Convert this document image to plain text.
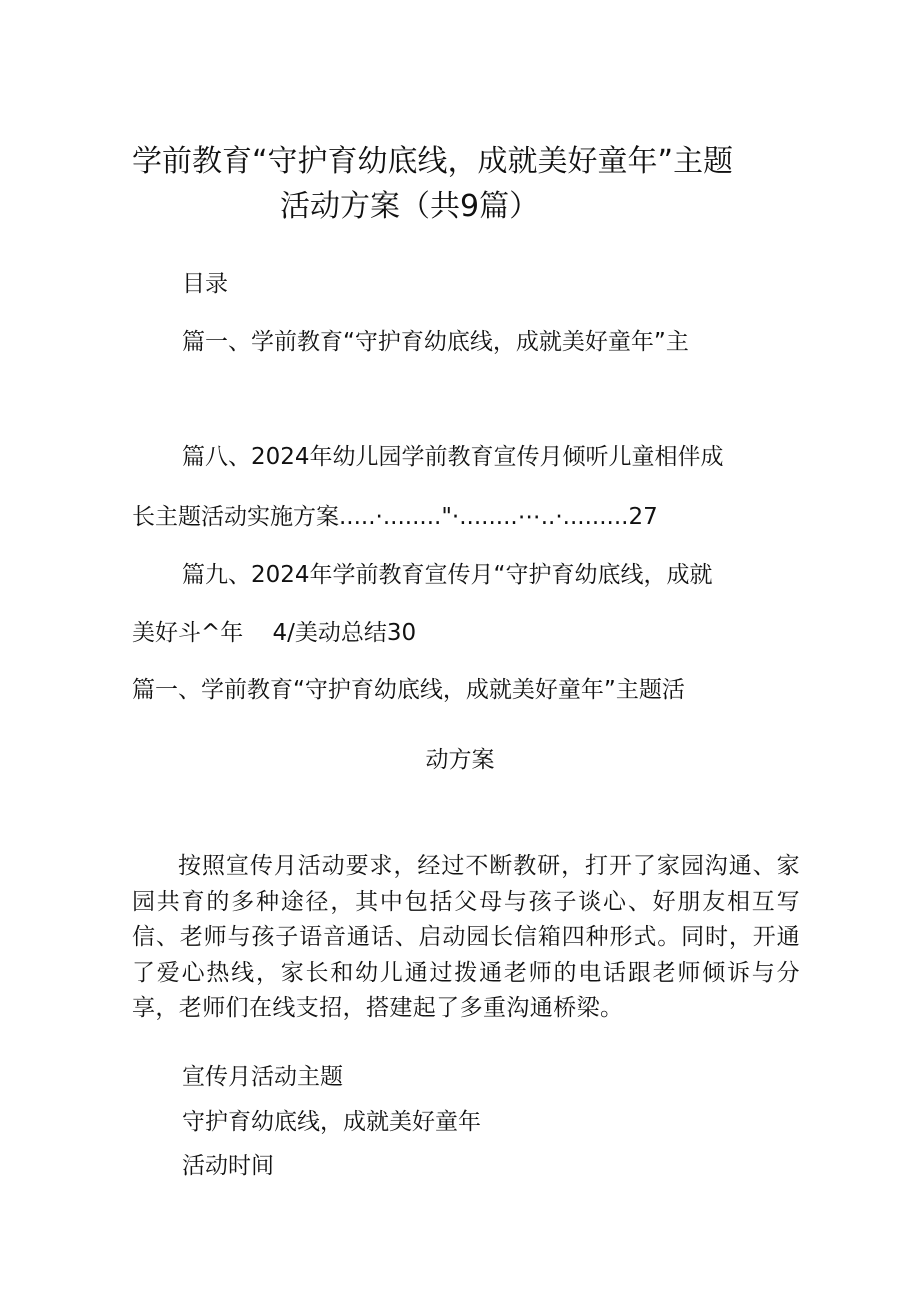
学前教育“守护育幼底线，成就美好童年”主题
活动方案（共9篇）
目录
篇一、学前教育“守护育幼底线，成就美好童年”主
篇八、2024年幼儿园学前教育宣传月倾听儿童相伴成
长主题活动实施方案.....·........"·........⋯..·.........27
篇九、2024年学前教育宣传月“守护育幼底线，成就
美好斗^年    4/美动总结30
篇一、学前教育“守护育幼底线，成就美好童年”主题活
动方案
按照宣传月活动要求，经过不断教研，打开了家园沟通、家园共育的多种途径，其中包括父母与孩子谈心、好朋友相互写信、老师与孩子语音通话、启动园长信箱四种形式。同时，开通了爱心热线，家长和幼儿通过拨通老师的电话跟老师倾诉与分享，老师们在线支招，搭建起了多重沟通桥梁。
宣传月活动主题
守护育幼底线，成就美好童年
活动时间
